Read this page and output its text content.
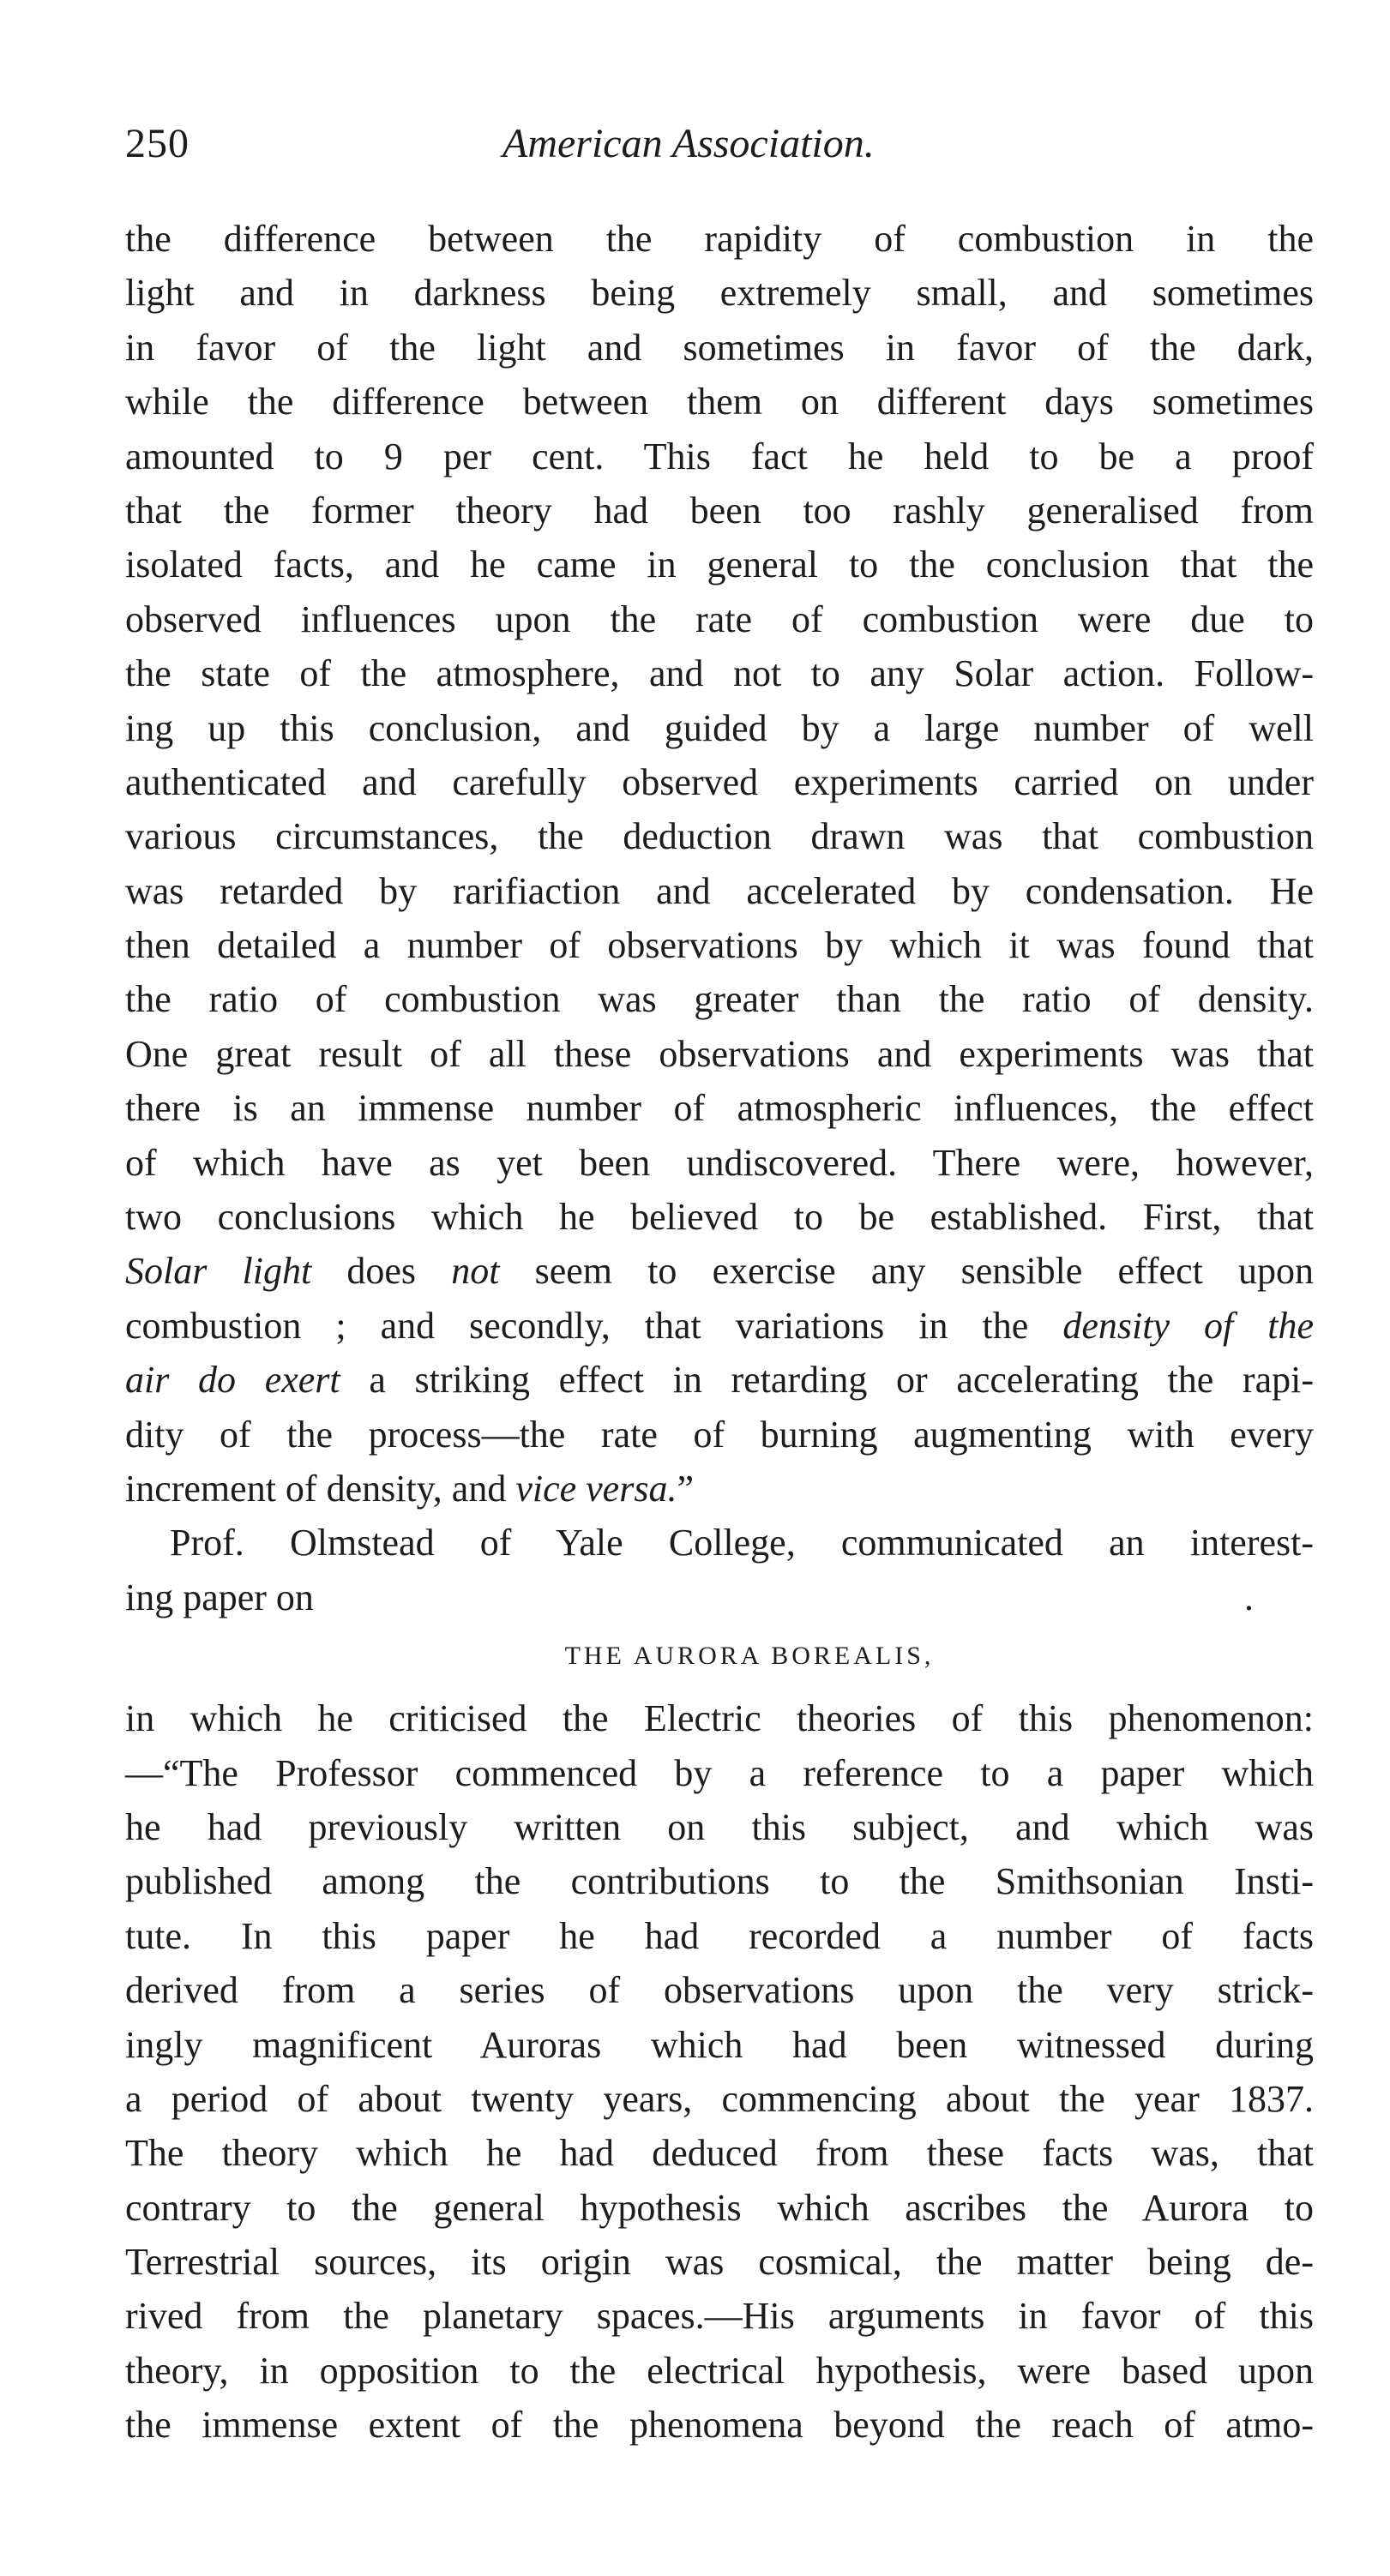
250	American Association.
the difference between the rapidity of combustion in the
light and in darkness being extremely small, and sometimes
in favor of the light and sometimes in favor of the dark,
while the difference between them on different days sometimes
amounted to 9 per cent. This fact he held to be a proof
that the former theory had been too rashly generalised from
isolated facts, and he came in general to the conclusion that the
observed influences upon the rate of combustion were due to
the state of the atmosphere, and not to any Solar action. Follow-
ing up this conclusion, and guided by a large number of well
authenticated and carefully observed experiments carried on under
various circumstances, the deduction drawn was that combustion
was retarded by rarifiaction and accelerated by condensation. He
then detailed a number of observations by which it was found that
the ratio of combustion was greater than the ratio of density.
One great result of all these observations and experiments was that
there is an immense number of atmospheric influences, the effect
of which have as yet been undiscovered. There were, however,
two conclusions which he believed to be established. First, that
Solar light does not seem to exercise any sensible effect upon
combustion ; and secondly, that variations in the density of the
air do exert a striking effect in retarding or accelerating the rapi-
dity of the process—the rate of burning augmenting with every
increment of density, and vice versa.”
Prof. Olmstead of Yale College, communicated an interest-
ing paper on	.
THE AURORA BOREALIS,
in which he criticised the Electric theories of this phenomenon:
—“The Professor commenced by a reference to a paper which
he had previously written on this subject, and which was
published among the contributions to the Smithsonian Insti-
tute. In this paper he had recorded a number of facts
derived from a series of observations upon the very strick-
ingly magnificent Auroras which had been witnessed during
a period of about twenty years, commencing about the year 1837.
The theory which he had deduced from these facts was, that
contrary to the general hypothesis which ascribes the Aurora to
Terrestrial sources, its origin was cosmical, the matter being de-
rived from the planetary spaces.—His arguments in favor of this
theory, in opposition to the electrical hypothesis, were based upon
the immense extent of the phenomena beyond the reach of atmo-
